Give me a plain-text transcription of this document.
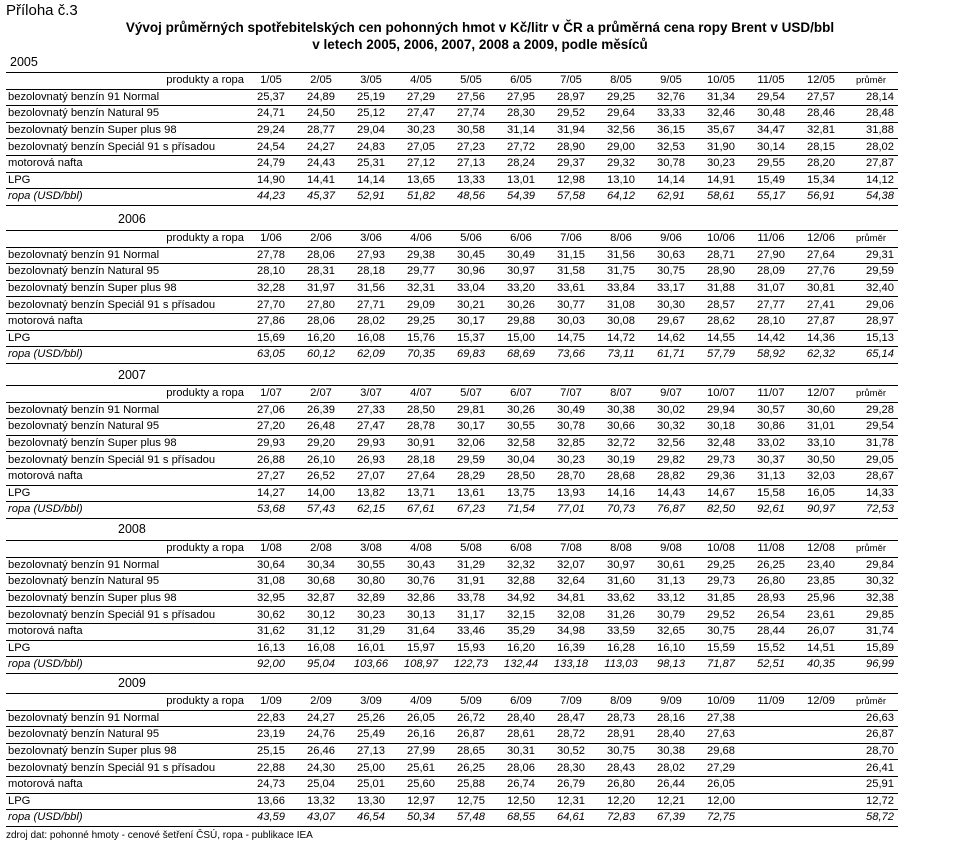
Příloha č.3
Vývoj průměrných spotřebitelských cen pohonných hmot v Kč/litr v ČR a průměrná cena ropy Brent v USD/bbl
v letech 2005, 2006, 2007, 2008 a 2009, podle měsíců
2005
produkty a ropa	1/05	2/05	3/05	4/05	5/05	6/05	7/05	8/05	9/05	10/05	11/05	12/05	průměr
bezolovnatý benzín 91 Normal	25,37	24,89	25,19	27,29	27,56	27,95	28,97	29,25	32,76	31,34	29,54	27,57	28,14
bezolovnatý benzín Natural 95	24,71	24,50	25,12	27,47	27,74	28,30	29,52	29,64	33,33	32,46	30,48	28,46	28,48
bezolovnatý benzín Super plus 98	29,24	28,77	29,04	30,23	30,58	31,14	31,94	32,56	36,15	35,67	34,47	32,81	31,88
bezolovnatý benzín Speciál 91 s přísadou	24,54	24,27	24,83	27,05	27,23	27,72	28,90	29,00	32,53	31,90	30,14	28,15	28,02
motorová nafta	24,79	24,43	25,31	27,12	27,13	28,24	29,37	29,32	30,78	30,23	29,55	28,20	27,87
LPG	14,90	14,41	14,14	13,65	13,33	13,01	12,98	13,10	14,14	14,91	15,49	15,34	14,12
ropa (USD/bbl)	44,23	45,37	52,91	51,82	48,56	54,39	57,58	64,12	62,91	58,61	55,17	56,91	54,38
2006
produkty a ropa	1/06	2/06	3/06	4/06	5/06	6/06	7/06	8/06	9/06	10/06	11/06	12/06	průměr
bezolovnatý benzín 91 Normal	27,78	28,06	27,93	29,38	30,45	30,49	31,15	31,56	30,63	28,71	27,90	27,64	29,31
bezolovnatý benzín Natural 95	28,10	28,31	28,18	29,77	30,96	30,97	31,58	31,75	30,75	28,90	28,09	27,76	29,59
bezolovnatý benzín Super plus 98	32,28	31,97	31,56	32,31	33,04	33,20	33,61	33,84	33,17	31,88	31,07	30,81	32,40
bezolovnatý benzín Speciál 91 s přísadou	27,70	27,80	27,71	29,09	30,21	30,26	30,77	31,08	30,30	28,57	27,77	27,41	29,06
motorová nafta	27,86	28,06	28,02	29,25	30,17	29,88	30,03	30,08	29,67	28,62	28,10	27,87	28,97
LPG	15,69	16,20	16,08	15,76	15,37	15,00	14,75	14,72	14,62	14,55	14,42	14,36	15,13
ropa (USD/bbl)	63,05	60,12	62,09	70,35	69,83	68,69	73,66	73,11	61,71	57,79	58,92	62,32	65,14
2007
produkty a ropa	1/07	2/07	3/07	4/07	5/07	6/07	7/07	8/07	9/07	10/07	11/07	12/07	průměr
bezolovnatý benzín 91 Normal	27,06	26,39	27,33	28,50	29,81	30,26	30,49	30,38	30,02	29,94	30,57	30,60	29,28
bezolovnatý benzín Natural 95	27,20	26,48	27,47	28,78	30,17	30,55	30,78	30,66	30,32	30,18	30,86	31,01	29,54
bezolovnatý benzín Super plus 98	29,93	29,20	29,93	30,91	32,06	32,58	32,85	32,72	32,56	32,48	33,02	33,10	31,78
bezolovnatý benzín Speciál 91 s přísadou	26,88	26,10	26,93	28,18	29,59	30,04	30,23	30,19	29,82	29,73	30,37	30,50	29,05
motorová nafta	27,27	26,52	27,07	27,64	28,29	28,50	28,70	28,68	28,82	29,36	31,13	32,03	28,67
LPG	14,27	14,00	13,82	13,71	13,61	13,75	13,93	14,16	14,43	14,67	15,58	16,05	14,33
ropa (USD/bbl)	53,68	57,43	62,15	67,61	67,23	71,54	77,01	70,73	76,87	82,50	92,61	90,97	72,53
2008
produkty a ropa	1/08	2/08	3/08	4/08	5/08	6/08	7/08	8/08	9/08	10/08	11/08	12/08	průměr
bezolovnatý benzín 91 Normal	30,64	30,34	30,55	30,43	31,29	32,32	32,07	30,97	30,61	29,25	26,25	23,40	29,84
bezolovnatý benzín Natural 95	31,08	30,68	30,80	30,76	31,91	32,88	32,64	31,60	31,13	29,73	26,80	23,85	30,32
bezolovnatý benzín Super plus 98	32,95	32,87	32,89	32,86	33,78	34,92	34,81	33,62	33,12	31,85	28,93	25,96	32,38
bezolovnatý benzín Speciál 91 s přísadou	30,62	30,12	30,23	30,13	31,17	32,15	32,08	31,26	30,79	29,52	26,54	23,61	29,85
motorová nafta	31,62	31,12	31,29	31,64	33,46	35,29	34,98	33,59	32,65	30,75	28,44	26,07	31,74
LPG	16,13	16,08	16,01	15,97	15,93	16,20	16,39	16,28	16,10	15,59	15,52	14,51	15,89
ropa (USD/bbl)	92,00	95,04	103,66	108,97	122,73	132,44	133,18	113,03	98,13	71,87	52,51	40,35	96,99
2009
produkty a ropa	1/09	2/09	3/09	4/09	5/09	6/09	7/09	8/09	9/09	10/09	11/09	12/09	průměr
bezolovnatý benzín 91 Normal	22,83	24,27	25,26	26,05	26,72	28,40	28,47	28,73	28,16	27,38			26,63
bezolovnatý benzín Natural 95	23,19	24,76	25,49	26,16	26,87	28,61	28,72	28,91	28,40	27,63			26,87
bezolovnatý benzín Super plus 98	25,15	26,46	27,13	27,99	28,65	30,31	30,52	30,75	30,38	29,68			28,70
bezolovnatý benzín Speciál 91 s přísadou	22,88	24,30	25,00	25,61	26,25	28,06	28,30	28,43	28,02	27,29			26,41
motorová nafta	24,73	25,04	25,01	25,60	25,88	26,74	26,79	26,80	26,44	26,05			25,91
LPG	13,66	13,32	13,30	12,97	12,75	12,50	12,31	12,20	12,21	12,00			12,72
ropa (USD/bbl)	43,59	43,07	46,54	50,34	57,48	68,55	64,61	72,83	67,39	72,75			58,72
zdroj dat: pohonné hmoty - cenové šetření ČSÚ, ropa - publikace IEA
